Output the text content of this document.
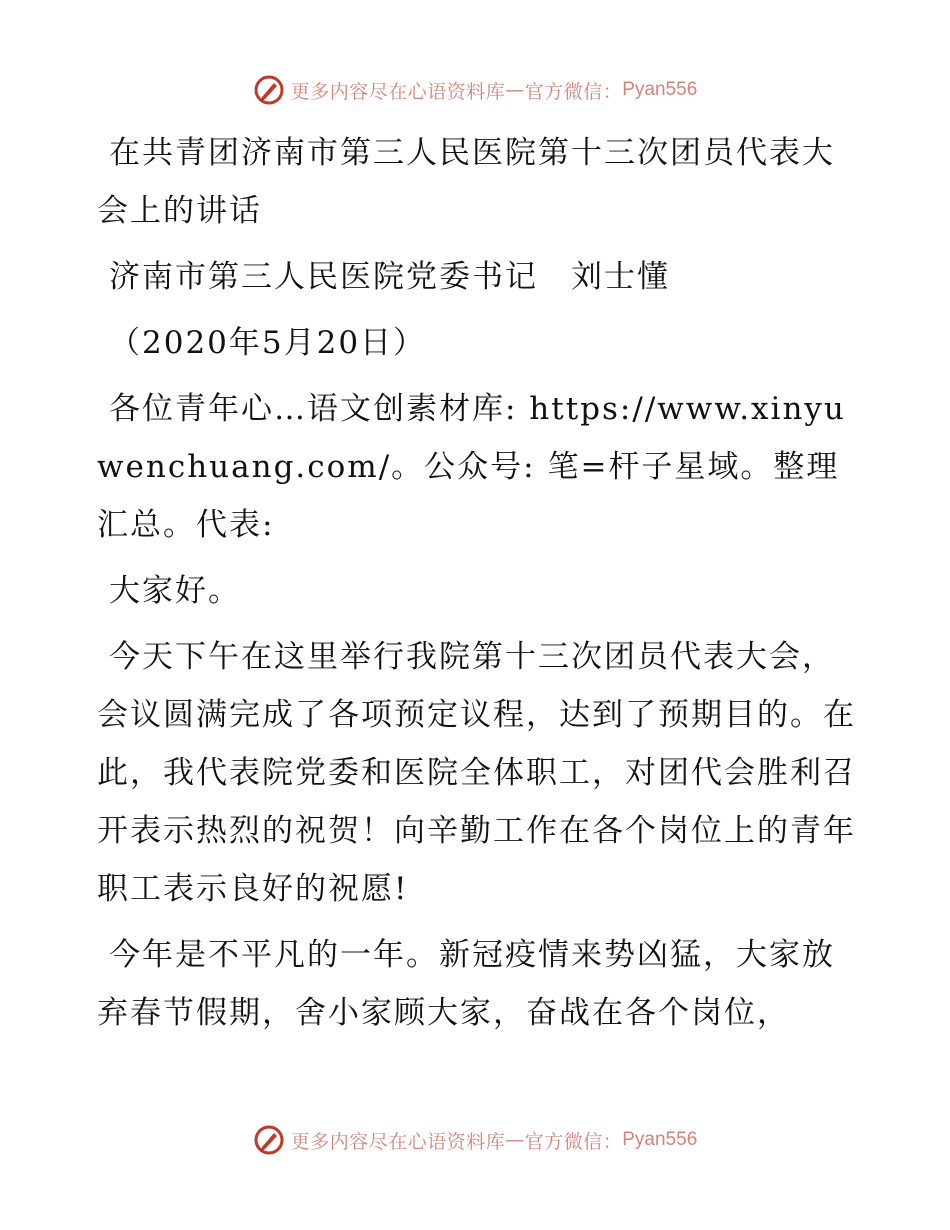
更多内容尽在心语资料库 — 官方微信： Pyan556

在共青团济南市第三人民医院第十三次团员代表大会上的讲话

济南市第三人民医院党委书记　刘士懂

（2020年5月20日）

各位青年心…语文创素材库: https://www.xinyuwenchuang.com/。公众号: 笔=杆子星域。整理汇总。代表:

大家好。

今天下午在这里举行我院第十三次团员代表大会，会议圆满完成了各项预定议程，达到了预期目的。在此，我代表院党委和医院全体职工，对团代会胜利召开表示热烈的祝贺！向辛勤工作在各个岗位上的青年职工表示良好的祝愿!

今年是不平凡的一年。新冠疫情来势凶猛，大家放弃春节假期，舍小家顾大家，奋战在各个岗位，

更多内容尽在心语资料库 — 官方微信： Pyan556
